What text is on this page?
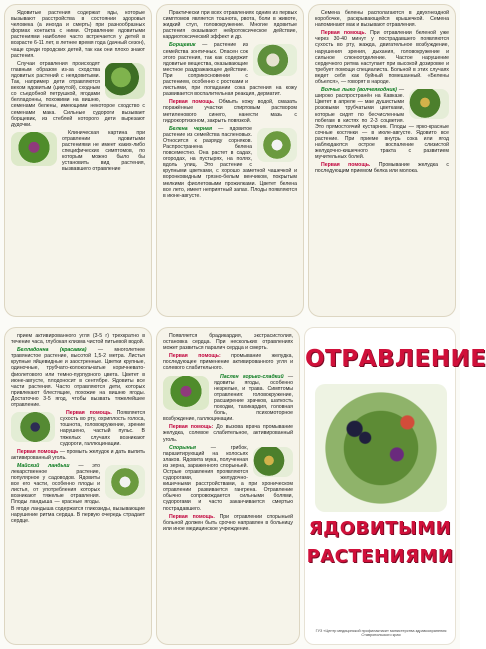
Ядовитые растения содержат яды, которые вызывают расстройства в состоянии здоровья человека (а иногда и смерть) при разнообразных формах контакта с ними. Отравление ядовитыми растениями наиболее часто встречается у детей в возрасте 6-11 лет, в летнее время года (дачный сезон), чаще среди городских детей, так как они плохо знают растения.

Случаи отравления происходят главным образом из-за сходства ядовитых растений с неядовитыми. Так, например дети отравляются вехом ядовитым (цикутой), сходным со съедобной петрушкой, ягодами белладонны, похожими на вишню, семенами белены, имеющими некоторое сходство с семенами мака. Сильные судороги вызывает борщевик, из стеблей которого дети вырезают дудочки.

Клиническая картина при отравлении ядовитыми растениями не имеет каких-либо специфических симптомов, по которым можно было бы установить вид растения, вызвавшего отравление

Практически при всех отравлениях одним из первых симптомов является тошнота, рвота, боли в животе, жидкий стул, головокружение. Многие ядовитые растения оказывают нейротоксическое действие, кардиотоксический эффект и др.

Борщевик — растение из семейства зонтичных. Опасен сок этого растения, так как содержит ядовитые вещества, оказывающие местное раздражающее действие. При соприкосновении с растением, особенно с ростками и листьями, при попадании сока растения на кожу развивается воспалительная реакция, дерматит.

Первая помощь. Обмыть кожу водой, смазать поражённые участки спиртовым раствором метиленового синего, нанести мазь с гидрокортизоном, закрыть повязкой.

Белена черная — ядовитое растение из семейства пасленовых. Относится к разряду сорняков. Распространена белена повсеместно. Она растет в садах, огородах, на пустырях, на полях, вдоль улиц. Это растение с крупными цветками, с хорошо заметной чашечкой и воронковидным грязно-белым венчиком, покрытым мелкими фиолетовыми прожилками. Цветет белена все лето, имеет неприятный запах. Плоды появляются в июне-августе.

Семена белены располагаются в двухгнездной коробочке, раскрывающейся крышечкой. Семена напоминают мак и вызывают отравления.

Первая помощь. При отравлении беленой уже через 30-40 минут у пострадавшего появляются сухость во рту, жажда, двигательное возбуждение, нарушения зрения, дыхания, головокружение и сильное слюноотделение. Частое нарушение сердечного ритма наступает при высокой дозировке и требует помощи специалиста. Больной в этих случаях ведет себя как буйный помешанный. «Белены объелся», — говорят в народе.

Волчье лыко (волчеягодник) — широко распространён на Кавказе. Цветет в апреле — мае душистыми розовыми трубчатыми цветками, которые сидят по бесчисленным побегам в кистях по 2-3 соцветия. Это прямостоячий кустарник. Плоды — ярко-красные сочные костянки — в июле-августе. Ядовито все растение. При приеме внутрь сока или ягод наблюдаются острое воспаление слизистой желудочно-кишечного тракта с развитием мучительных болей.

Первая помощь. Промывание желудка с последующим приемом белка или молока.

прием активированного угля (3-5 г) трехкратно в течение часа, глубокая клизма чистой питьевой водой.

Белладонна (красавка) — многолетнее травянистое растение, высотой 1,5-2 метра. Листья крупные яйцевидные и заостренные. Цветки крупные, одиночные, трубчато-колокольчатые коричневато-фиолетового или темно-пурпурного цвета. Цветет в июне-августе, плодоносит в сентябре. Ядовиты все части растения. Часто отравляются дети, которых привлекают блестящие, похожие на вишню ягоды. Достаточно 3-5 ягод, чтобы вызвать тяжелейшее отравление.

Первая помощь. Появляется сухость во рту, охриплость голоса, тошнота, головокружение, зрение нарушено, частый пульс. В тяжелых случаях возникают судороги, галлюцинации.

Первая помощь — промыть желудок и дать выпить активированный уголь.

Майский ландыш — это лекарственное растение, популярное у садоводов. Ядовиты все его части, особенно плоды и листья, от употребления которых возникают тяжелые отравления. Плоды ландыша — красные ягоды. В ягоде ландыша содержатся гликозиды, вызывающие нарушение ритма сердца. В первую очередь страдает сердце.

Появляется брадикардия, экстрасистолия, остановка сердца. При нескольких отравлениях может развиться паралич сердца и смерть.

Первая помощь: промывание желудка, последующее применение активированного угля и солевого слабительного.

Паслен горько-сладкий — ядовиты ягоды, особенно незрелые, и трава. Симптомы отравления: головокружение, расширение зрачков, шаткость походки, тахикардия, головная боль, психомоторное возбуждение, галлюцинации.

Первая помощь: До вызова врача промывание желудка, солевое слабительное, активированный уголь.

Спорынья	— грибок, паразитирующий на колосьях злаков. Ядовита мука, полученная из зерна, зараженного спорыньей. Острые отравления проявляются судорогами, желудочно-кишечными расстройствами, а при хроническом отравлении развивается гангрена. Отравление обычно сопровождается сильными болями, судорогами и часто заканчивается смертью пострадавшего.

Первая помощь. При отравлении спорыньей больной должен быть срочно направлен в больницу или иное медицинское учреждение.

ОТРАВЛЕНИЕ
ЯДОВИТЫМИ
РАСТЕНИЯМИ
ГУЗ «Центр медицинской профилактики» министерства здравоохранения Ставропольского края
